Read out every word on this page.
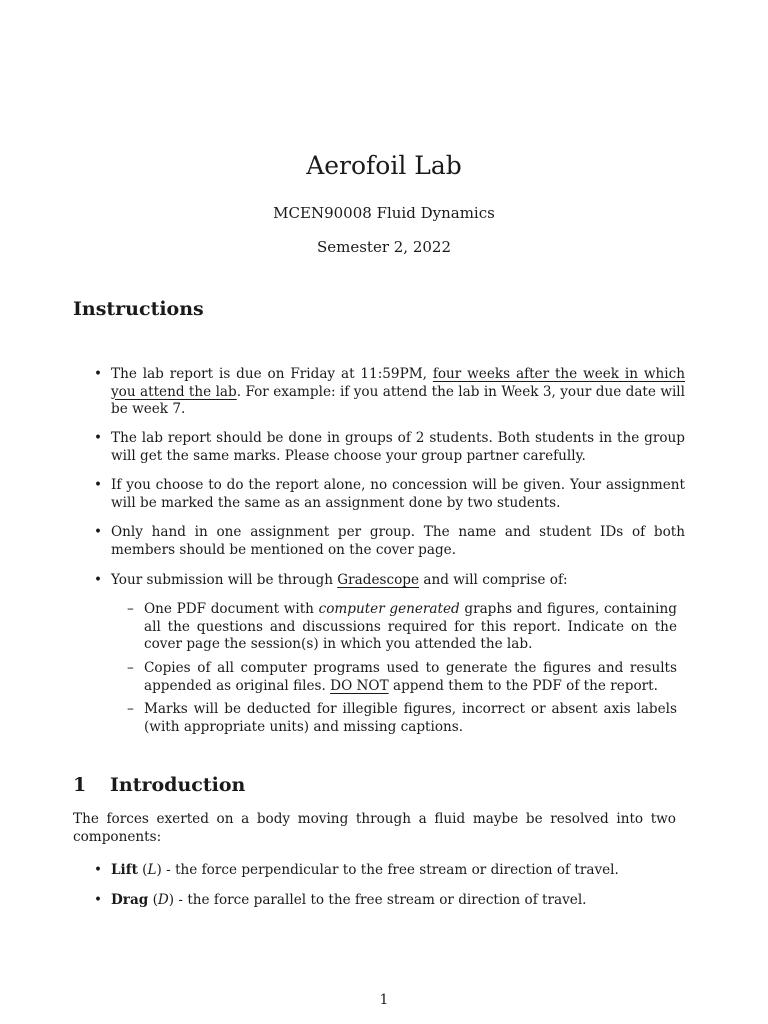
Aerofoil Lab
MCEN90008 Fluid Dynamics
Semester 2, 2022
Instructions
• The lab report is due on Friday at 11:59PM, four weeks after the week in which you attend the lab. For example: if you attend the lab in Week 3, your due date will be week 7.
• The lab report should be done in groups of 2 students. Both students in the group will get the same marks. Please choose your group partner carefully.
• If you choose to do the report alone, no concession will be given. Your assignment will be marked the same as an assignment done by two students.
• Only hand in one assignment per group. The name and student IDs of both members should be mentioned on the cover page.
• Your submission will be through Gradescope and will comprise of:
– One PDF document with computer generated graphs and figures, containing all the questions and discussions required for this report. Indicate on the cover page the session(s) in which you attended the lab.
– Copies of all computer programs used to generate the figures and results appended as original files. DO NOT append them to the PDF of the report.
– Marks will be deducted for illegible figures, incorrect or absent axis labels (with appropriate units) and missing captions.
1 Introduction
The forces exerted on a body moving through a fluid maybe be resolved into two components:
• Lift (L) - the force perpendicular to the free stream or direction of travel.
• Drag (D) - the force parallel to the free stream or direction of travel.
1
